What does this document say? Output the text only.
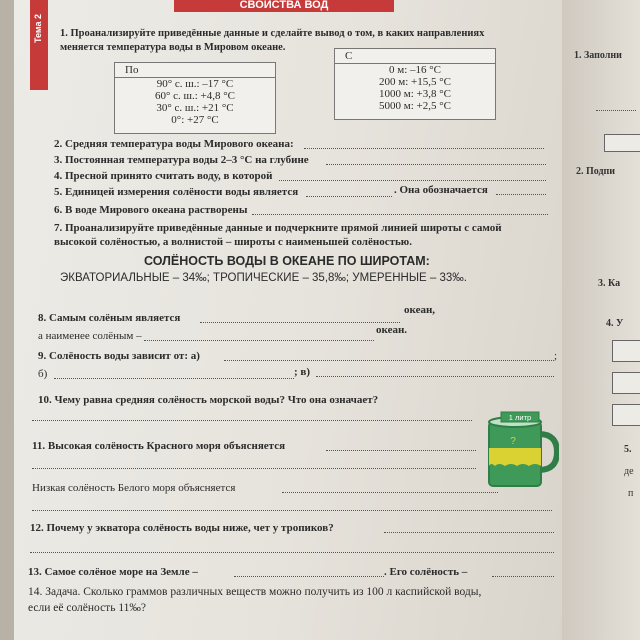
Тема 2
СВОЙСТВА ВОД
1. Проанализируйте приведённые данные и сделайте вывод о том, в каких направлениях
меняется температура воды в Мировом океане.
По
90° с. ш.: –17 °C
60° с. ш.: +4,8 °C
30° с. ш.: +21 °C
0°: +27 °C
С
0 м: –16 °C
200 м: +15,5 °C
1000 м: +3,8 °C
5000 м: +2,5 °C
2. Средняя температура воды Мирового океана:
3. Постоянная температура воды 2–3 °C на глубине
4. Пресной принято считать воду, в которой
5. Единицей измерения солёности воды является	. Она обозначается
6. В воде Мирового океана растворены
7. Проанализируйте приведённые данные и подчеркните прямой линией широты с самой
высокой солёностью, а волнистой – широты с наименьшей солёностью.
СОЛЁНОСТЬ ВОДЫ В ОКЕАНЕ ПО ШИРОТАМ:
ЭКВАТОРИАЛЬНЫЕ – 34‰; ТРОПИЧЕСКИЕ – 35,8‰; УМЕРЕННЫЕ – 33‰.
8. Самым солёным является
океан,
а наименее солёным –	океан.
9. Солёность воды зависит от: а)	;
б)	; в)
10. Чему равна средняя солёность морской воды? Что она означает?
11. Высокая солёность Красного моря объясняется
Низкая солёность Белого моря объясняется
12. Почему у экватора солёность воды ниже, чет у тропиков?
13. Самое солёное море на Земле –	. Его солёность –
14. Задача. Сколько граммов различных веществ можно получить из 100 л каспийской воды,
если её солёность 11‰?
1 литр
?
1. Заполни
2. Подпи
3. Ка
4. У
5.
де
п
